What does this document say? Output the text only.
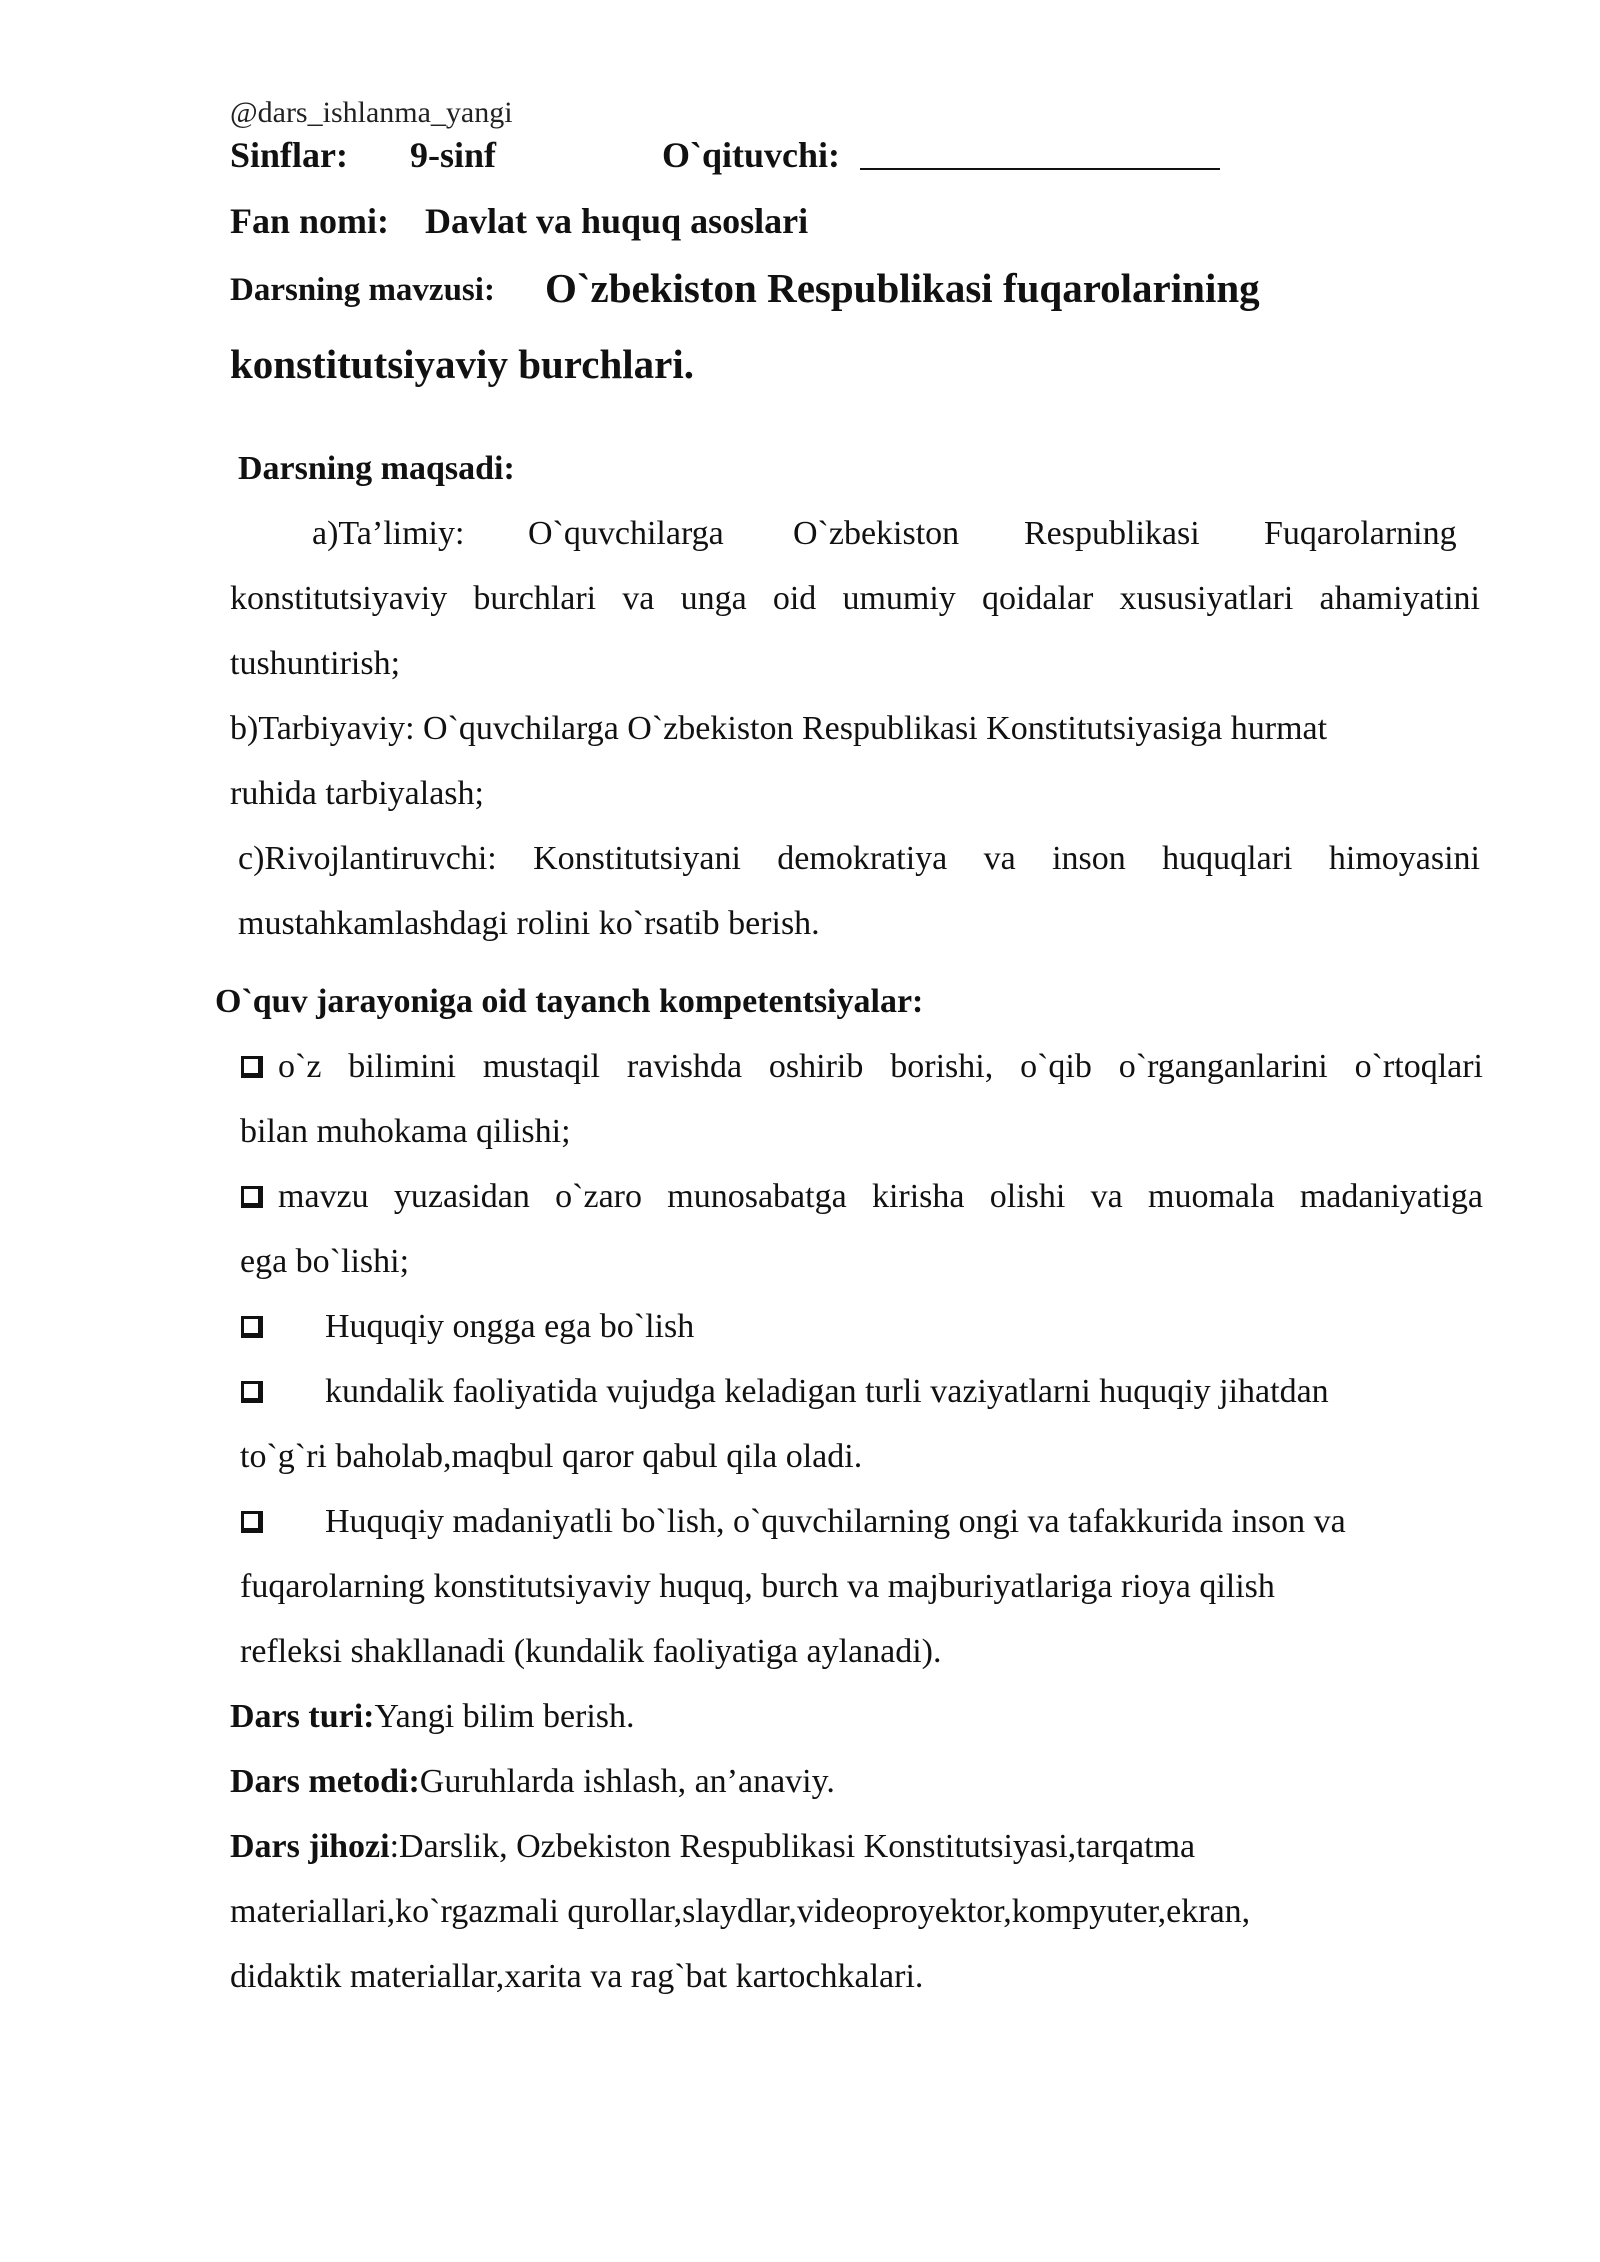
@dars_ishlanma_yangi
Sinflar: 9-sinf	O`qituvchi:
Fan nomi: Davlat va huquq asoslari
Darsning mavzusi: O`zbekiston Respublikasi fuqarolarining
konstitutsiyaviy burchlari.
Darsning maqsadi:
a)Ta’limiy: O`quvchilarga O`zbekiston Respublikasi Fuqarolarning
konstitutsiyaviy burchlari va unga oid umumiy qoidalar xususiyatlari ahamiyatini
tushuntirish;
b)Tarbiyaviy: O`quvchilarga O`zbekiston Respublikasi Konstitutsiyasiga hurmat
ruhida tarbiyalash;
c)Rivojlantiruvchi: Konstitutsiyani demokratiya va inson huquqlari himoyasini
mustahkamlashdagi rolini ko`rsatib berish.
O`quv jarayoniga oid tayanch kompetentsiyalar:
o`z bilimini mustaqil ravishda oshirib borishi, o`qib o`rganganlarini o`rtoqlari
bilan muhokama qilishi;
mavzu yuzasidan o`zaro munosabatga kirisha olishi va muomala madaniyatiga
ega bo`lishi;
Huquqiy ongga ega bo`lish
kundalik faoliyatida vujudga keladigan turli vaziyatlarni huquqiy jihatdan
to`g`ri baholab,maqbul qaror qabul qila oladi.
Huquqiy madaniyatli bo`lish, o`quvchilarning ongi va tafakkurida inson va
fuqarolarning konstitutsiyaviy huquq, burch va majburiyatlariga rioya qilish
refleksi shakllanadi (kundalik faoliyatiga aylanadi).
Dars turi:Yangi bilim berish.
Dars metodi:Guruhlarda ishlash, an’anaviy.
Dars jihozi:Darslik, Ozbekiston Respublikasi Konstitutsiyasi,tarqatma
materiallari,ko`rgazmali qurollar,slaydlar,videoproyektor,kompyuter,ekran,
didaktik materiallar,xarita va rag`bat kartochkalari.
